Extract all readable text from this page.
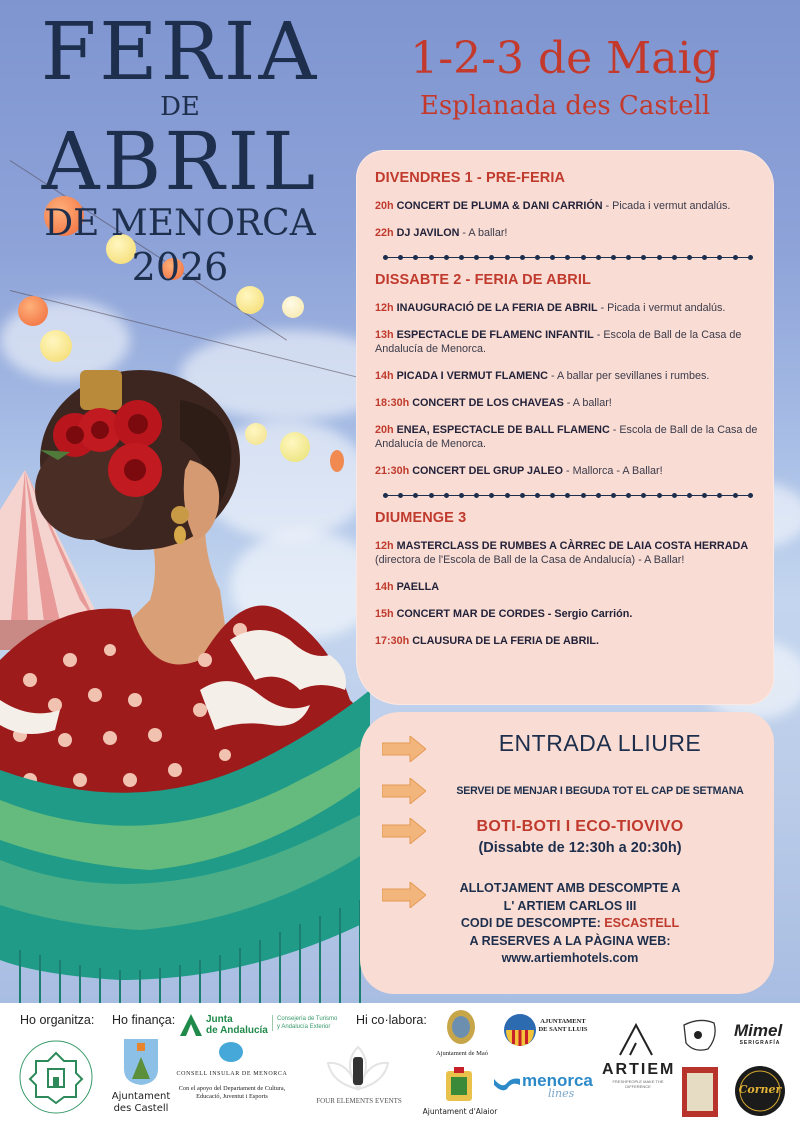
FERIA
DE
ABRIL
DE MENORCA
2026
1-2-3 de Maig
Esplanada des Castell
DIVENDRES 1 - PRE-FERIA
20h CONCERT DE PLUMA & DANI CARRIÓN - Picada i vermut andalús.
22h DJ JAVILON - A ballar!
DISSABTE 2 - FERIA DE ABRIL
12h INAUGURACIÓ DE LA FERIA DE ABRIL - Picada i vermut andalús.
13h ESPECTACLE DE FLAMENC INFANTIL - Escola de Ball de la Casa de Andalucía de Menorca.
14h PICADA I VERMUT FLAMENC - A ballar per sevillanes i rumbes.
18:30h CONCERT DE LOS CHAVEAS - A ballar!
20h ENEA, ESPECTACLE DE BALL FLAMENC - Escola de Ball de la Casa de Andalucía de Menorca.
21:30h CONCERT DEL GRUP JALEO - Mallorca - A Ballar!
DIUMENGE 3
12h MASTERCLASS DE RUMBES A CÀRREC DE LAIA COSTA HERRADA (directora de l'Escola de Ball de la Casa de Andalucía) - A Ballar!
14h PAELLA
15h CONCERT MAR DE CORDES - Sergio Carrión.
17:30h CLAUSURA DE LA FERIA DE ABRIL.
ENTRADA LLIURE
SERVEI DE MENJAR I BEGUDA TOT EL CAP DE SETMANA
BOTI-BOTI I ECO-TIOVIVO
(Dissabte de 12:30h a 20:30h)
ALLOTJAMENT AMB DESCOMPTE A
L' ARTIEM CARLOS III
CODI DE DESCOMPTE: ESCASTELL
A RESERVES A LA PÀGINA WEB:
www.artiemhotels.com
Ho organitza: Ho finança:	Hi co·labora:
Junta
de Andalucía
Consejería de Turismo y Andalucía Exterior
Ajuntament des Castell
CONSELL INSULAR DE MENORCA
Con el apoyo del Departament de Cultura, Educació, Juventut i Esports
FOUR ELEMENTS EVENTS
Ajuntament de Maó
AJUNTAMENT DE SANT LLUIS
Ajuntament d'Alaior
menorca
lines
ARTIEM
FRESHPEOPLE MAKE THE DIFFERENCE
Mimel
SERIGRAFÍA
Corner
